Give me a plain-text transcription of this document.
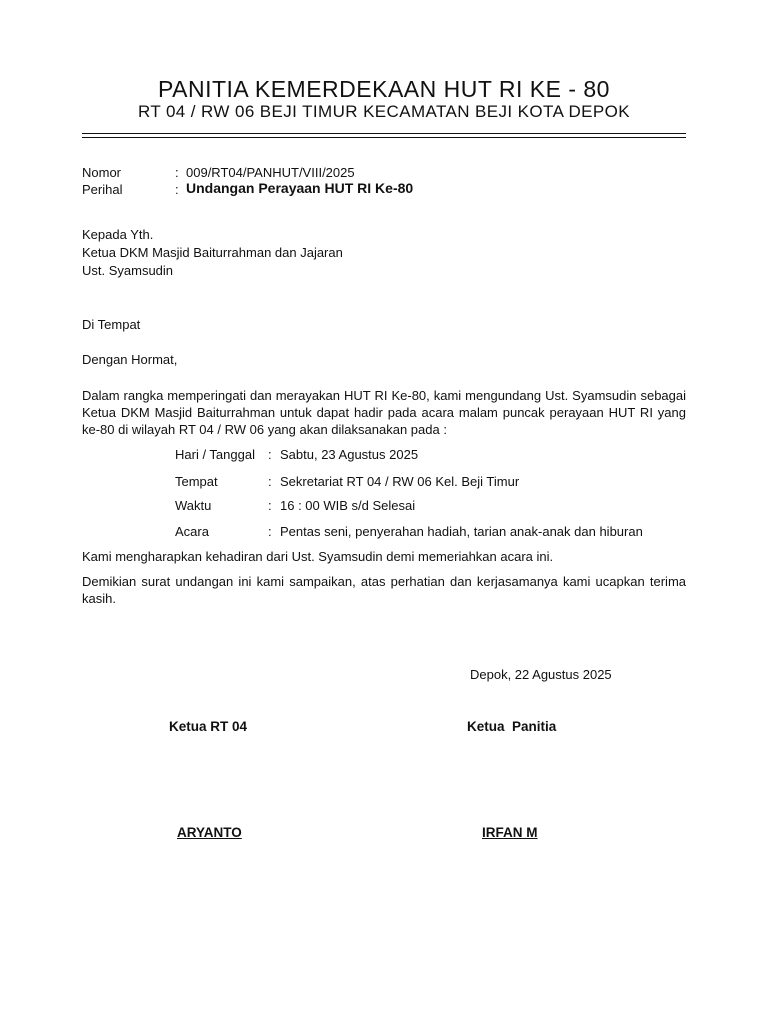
PANITIA KEMERDEKAAN HUT RI KE - 80
RT 04 / RW 06 BEJI TIMUR KECAMATAN BEJI KOTA DEPOK
Nomor	: 009/RT04/PANHUT/VIII/2025
Perihal	: Undangan Perayaan HUT RI Ke-80
Kepada Yth.
Ketua DKM Masjid Baiturrahman dan Jajaran
Ust. Syamsudin
Di Tempat
Dengan Hormat,
Dalam rangka memperingati dan merayakan HUT RI Ke-80, kami mengundang Ust. Syamsudin sebagai Ketua DKM Masjid Baiturrahman untuk dapat hadir pada acara malam puncak perayaan HUT RI yang ke-80 di wilayah RT 04 / RW 06 yang akan dilaksanakan pada :
Hari / Tanggal : Sabtu, 23 Agustus 2025
Tempat	: Sekretariat RT 04 / RW 06 Kel. Beji Timur
Waktu	: 16 : 00 WIB s/d Selesai
Acara	: Pentas seni, penyerahan hadiah, tarian anak-anak dan hiburan
Kami mengharapkan kehadiran dari Ust. Syamsudin demi memeriahkan acara ini.
Demikian surat undangan ini kami sampaikan, atas perhatian dan kerjasamanya kami ucapkan terima kasih.
Depok, 22 Agustus 2025
Ketua RT 04	Ketua  Panitia
ARYANTO	IRFAN M
